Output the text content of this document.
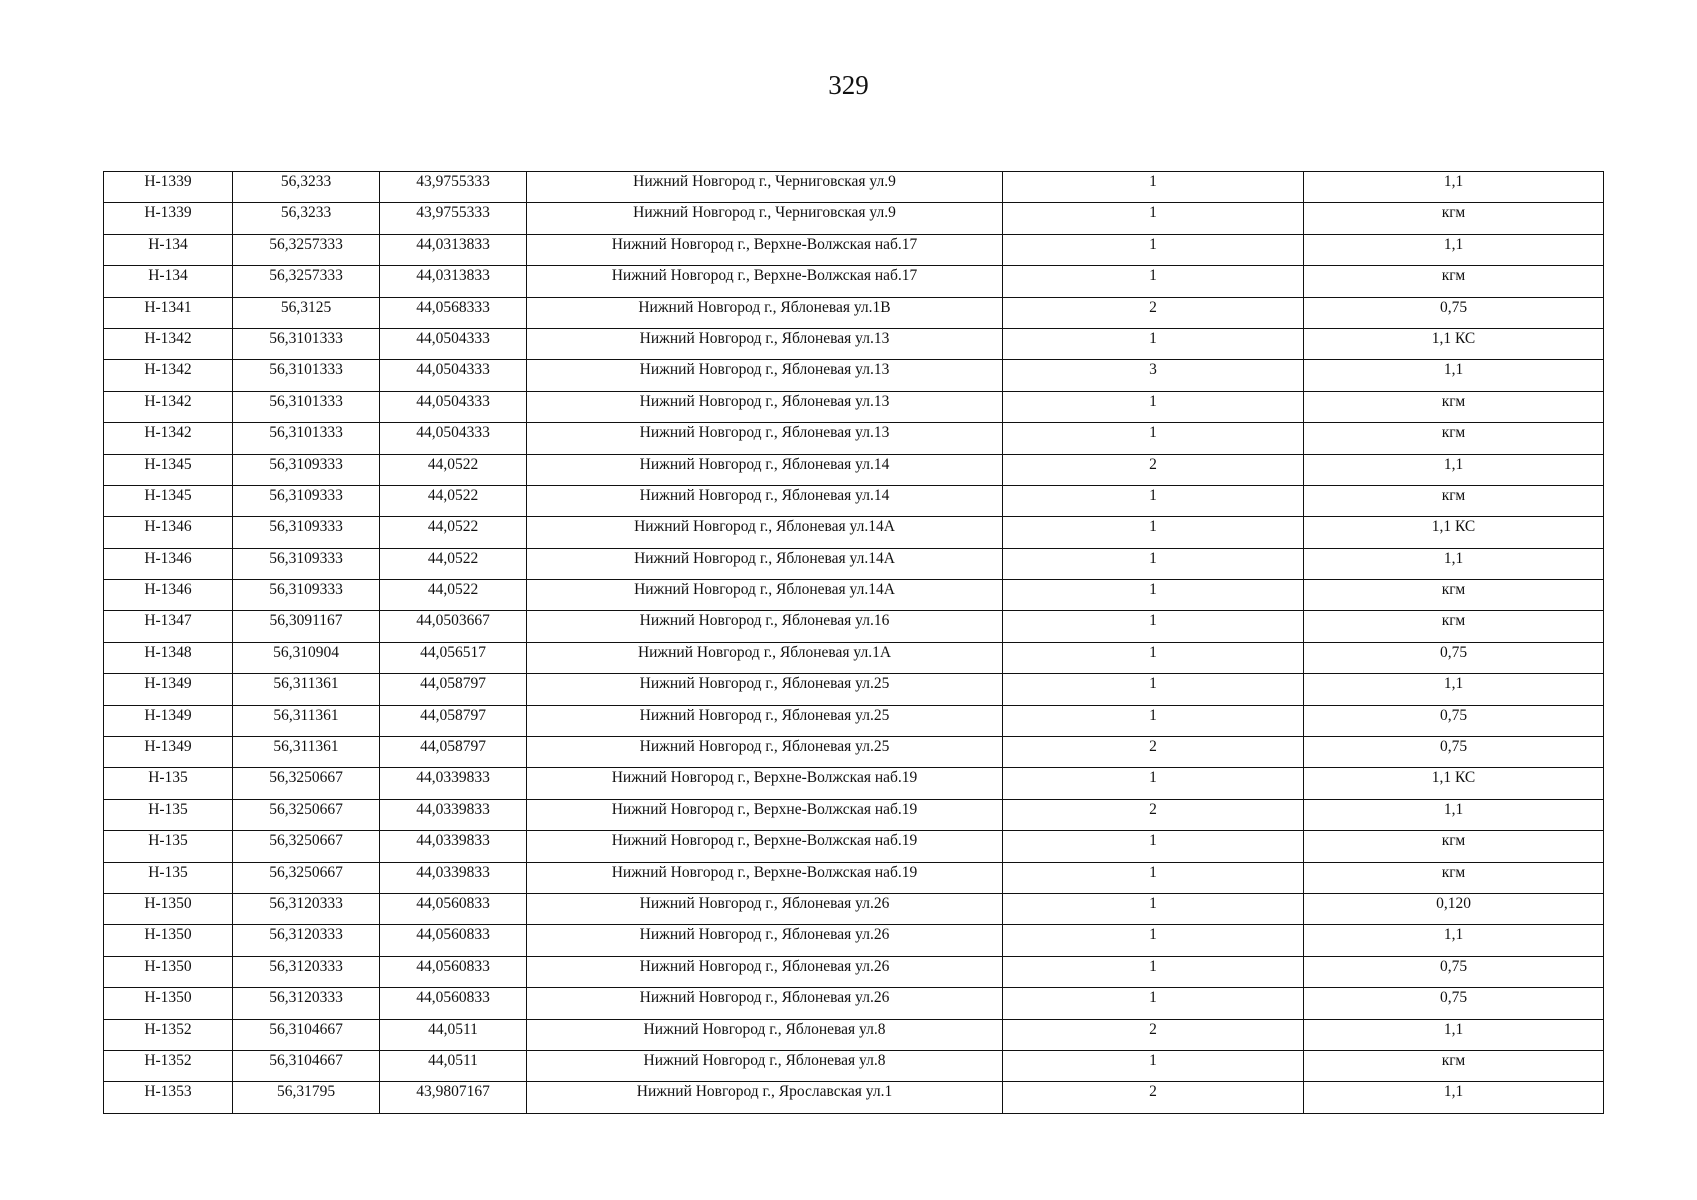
329
Н-1339	56,3233	43,9755333	Нижний Новгород г., Черниговская ул.9	1	1,1
Н-1339	56,3233	43,9755333	Нижний Новгород г., Черниговская ул.9	1	кгм
Н-134	56,3257333	44,0313833	Нижний Новгород г., Верхне-Волжская наб.17	1	1,1
Н-134	56,3257333	44,0313833	Нижний Новгород г., Верхне-Волжская наб.17	1	кгм
Н-1341	56,3125	44,0568333	Нижний Новгород г., Яблоневая ул.1В	2	0,75
Н-1342	56,3101333	44,0504333	Нижний Новгород г., Яблоневая ул.13	1	1,1 КС
Н-1342	56,3101333	44,0504333	Нижний Новгород г., Яблоневая ул.13	3	1,1
Н-1342	56,3101333	44,0504333	Нижний Новгород г., Яблоневая ул.13	1	кгм
Н-1342	56,3101333	44,0504333	Нижний Новгород г., Яблоневая ул.13	1	кгм
Н-1345	56,3109333	44,0522	Нижний Новгород г., Яблоневая ул.14	2	1,1
Н-1345	56,3109333	44,0522	Нижний Новгород г., Яблоневая ул.14	1	кгм
Н-1346	56,3109333	44,0522	Нижний Новгород г., Яблоневая ул.14А	1	1,1 КС
Н-1346	56,3109333	44,0522	Нижний Новгород г., Яблоневая ул.14А	1	1,1
Н-1346	56,3109333	44,0522	Нижний Новгород г., Яблоневая ул.14А	1	кгм
Н-1347	56,3091167	44,0503667	Нижний Новгород г., Яблоневая ул.16	1	кгм
Н-1348	56,310904	44,056517	Нижний Новгород г., Яблоневая ул.1А	1	0,75
Н-1349	56,311361	44,058797	Нижний Новгород г., Яблоневая ул.25	1	1,1
Н-1349	56,311361	44,058797	Нижний Новгород г., Яблоневая ул.25	1	0,75
Н-1349	56,311361	44,058797	Нижний Новгород г., Яблоневая ул.25	2	0,75
Н-135	56,3250667	44,0339833	Нижний Новгород г., Верхне-Волжская наб.19	1	1,1 КС
Н-135	56,3250667	44,0339833	Нижний Новгород г., Верхне-Волжская наб.19	2	1,1
Н-135	56,3250667	44,0339833	Нижний Новгород г., Верхне-Волжская наб.19	1	кгм
Н-135	56,3250667	44,0339833	Нижний Новгород г., Верхне-Волжская наб.19	1	кгм
Н-1350	56,3120333	44,0560833	Нижний Новгород г., Яблоневая ул.26	1	0,120
Н-1350	56,3120333	44,0560833	Нижний Новгород г., Яблоневая ул.26	1	1,1
Н-1350	56,3120333	44,0560833	Нижний Новгород г., Яблоневая ул.26	1	0,75
Н-1350	56,3120333	44,0560833	Нижний Новгород г., Яблоневая ул.26	1	0,75
Н-1352	56,3104667	44,0511	Нижний Новгород г., Яблоневая ул.8	2	1,1
Н-1352	56,3104667	44,0511	Нижний Новгород г., Яблоневая ул.8	1	кгм
Н-1353	56,31795	43,9807167	Нижний Новгород г., Ярославская ул.1	2	1,1
